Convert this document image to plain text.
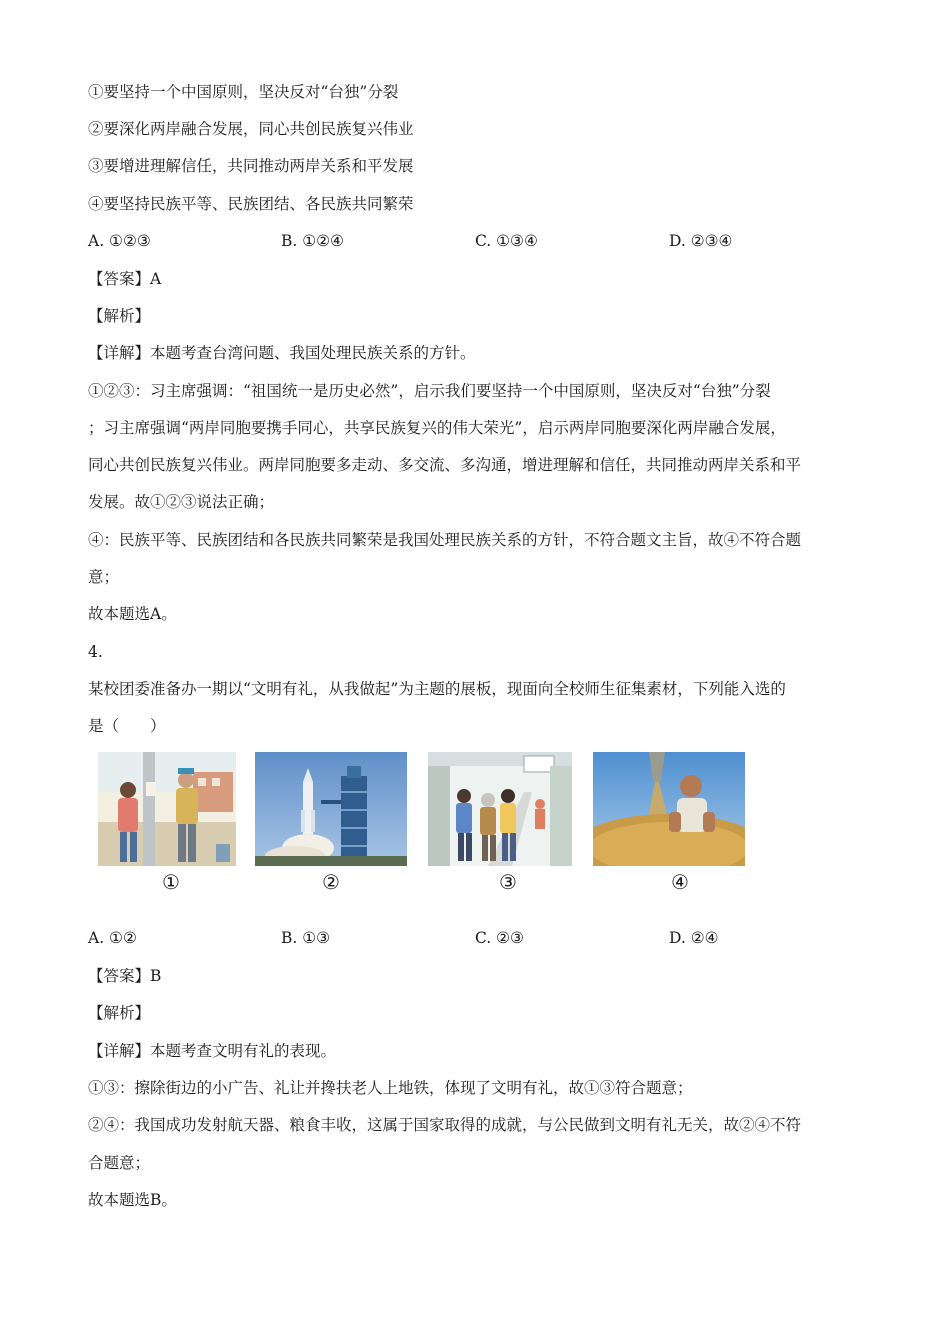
①要坚持一个中国原则，坚决反对“台独”分裂
②要深化两岸融合发展，同心共创民族复兴伟业
③要增进理解信任，共同推动两岸关系和平发展
④要坚持民族平等、民族团结、各民族共同繁荣
A. ①②③	B. ①②④	C. ①③④	D. ②③④
【答案】A
【解析】
【详解】本题考查台湾问题、我国处理民族关系的方针。
①②③：习主席强调：“祖国统一是历史必然”，启示我们要坚持一个中国原则，坚决反对“台独”分裂
；习主席强调“两岸同胞要携手同心，共享民族复兴的伟大荣光”，启示两岸同胞要深化两岸融合发展，
同心共创民族复兴伟业。两岸同胞要多走动、多交流、多沟通，增进理解和信任，共同推动两岸关系和平
发展。故①②③说法正确；
④：民族平等、民族团结和各民族共同繁荣是我国处理民族关系的方针，不符合题文主旨，故④不符合题
意；
故本题选A。
4.
某校团委准备办一期以“文明有礼，从我做起”为主题的展板，现面向全校师生征集素材，下列能入选的
是（　　）
①	②	③	④
A. ①②	B. ①③	C. ②③	D. ②④
【答案】B
【解析】
【详解】本题考查文明有礼的表现。
①③：擦除街边的小广告、礼让并搀扶老人上地铁，体现了文明有礼，故①③符合题意；
②④：我国成功发射航天器、粮食丰收，这属于国家取得的成就，与公民做到文明有礼无关，故②④不符
合题意；
故本题选B。
